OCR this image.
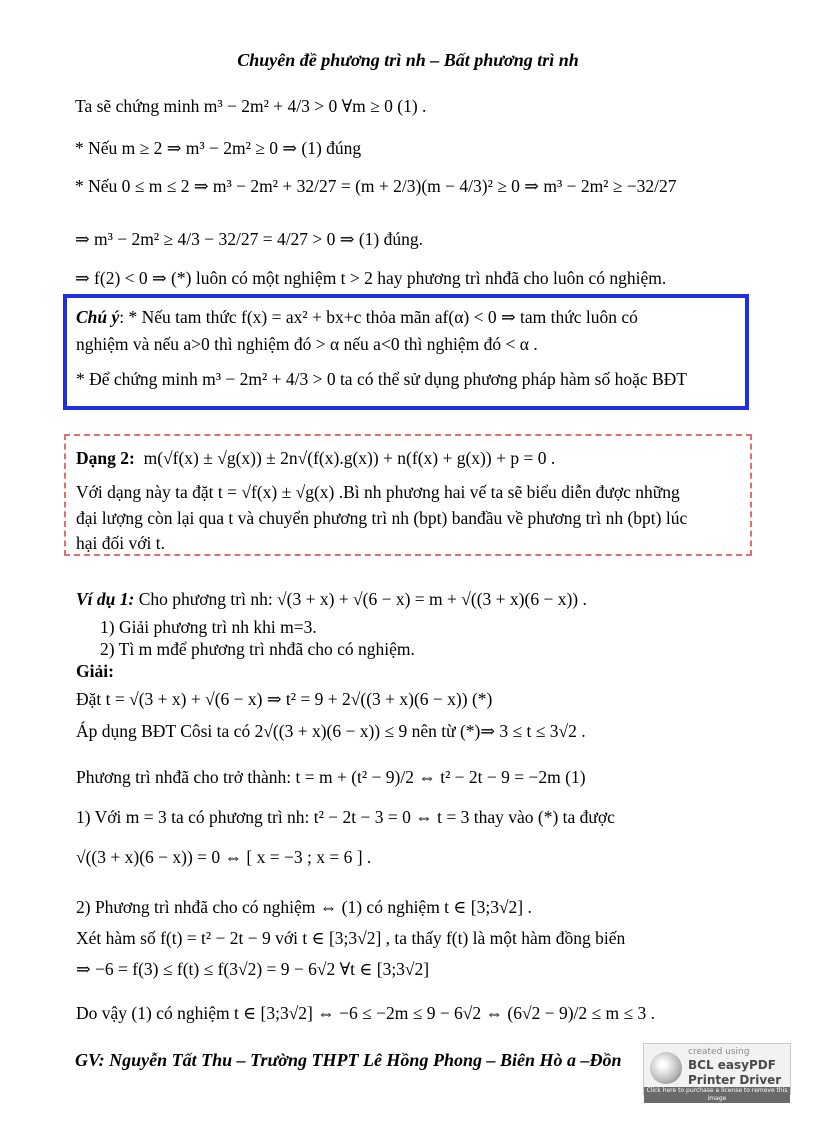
Chuyên đề phương trì nh – Bất phương trì nh
Ta sẽ chứng minh m³ − 2m² + 4/3 > 0 ∀m ≥ 0 (1) .
* Nếu m ≥ 2 ⇒ m³ − 2m² ≥ 0 ⇒ (1) đúng
* Nếu 0 ≤ m ≤ 2 ⇒ m³ − 2m² + 32/27 = (m + 2/3)(m − 4/3)² ≥ 0 ⇒ m³ − 2m² ≥ −32/27
⇒ m³ − 2m² ≥ 4/3 − 32/27 = 4/27 > 0 ⇒ (1) đúng.
⇒ f(2) < 0 ⇒ (*) luôn có một nghiệm t > 2 hay phương trì nhđã cho luôn có nghiệm.
Chú ý: * Nếu tam thức f(x) = ax² + bx+c thỏa mãn af(α) < 0 ⇒ tam thức luôn có
nghiệm và nếu a>0 thì nghiệm đó > α nếu a<0 thì nghiệm đó < α .
* Để chứng minh m³ − 2m² + 4/3 > 0 ta có thể sử dụng phương pháp hàm số hoặc BĐT
Dạng 2: m(√f(x) ± √g(x)) ± 2n√(f(x).g(x)) + n(f(x) + g(x)) + p = 0 .
Với dạng này ta đặt t = √f(x) ± √g(x) .Bì nh phương hai vế ta sẽ biểu diễn được những
đại lượng còn lại qua t và chuyển phương trì nh (bpt) banđầu về phương trì nh (bpt) lúc
hại đối với t.
Ví dụ 1: Cho phương trì nh: √(3 + x) + √(6 − x) = m + √((3 + x)(6 − x)) .
1) Giải phương trì nh khi m=3.
2) Tì m mđể phương trì nhđã cho có nghiệm.
Giải:
Đặt t = √(3 + x) + √(6 − x) ⇒ t² = 9 + 2√((3 + x)(6 − x)) (*)
Áp dụng BĐT Côsi ta có 2√((3 + x)(6 − x)) ≤ 9 nên từ (*)⇒ 3 ≤ t ≤ 3√2 .
Phương trì nhđã cho trở thành: t = m + (t² − 9)/2 ⇔ t² − 2t − 9 = −2m (1)
1) Với m = 3 ta có phương trì nh: t² − 2t − 3 = 0 ⇔ t = 3 thay vào (*) ta được
√((3 + x)(6 − x)) = 0 ⇔ [ x = −3 ; x = 6 ] .
2) Phương trì nhđã cho có nghiệm ⇔ (1) có nghiệm t ∈ [3;3√2] .
Xét hàm số f(t) = t² − 2t − 9 với t ∈ [3;3√2] , ta thấy f(t) là một hàm đồng biến
⇒ −6 = f(3) ≤ f(t) ≤ f(3√2) = 9 − 6√2 ∀t ∈ [3;3√2]
Do vậy (1) có nghiệm t ∈ [3;3√2] ⇔ −6 ≤ −2m ≤ 9 − 6√2 ⇔ (6√2 − 9)/2 ≤ m ≤ 3 .
GV: Nguyễn Tất Thu – Trường THPT Lê Hồng Phong – Biên Hò a –Đồn	created using
BCL easyPDF
Printer Driver
Click here to purchase a license to remove this image
